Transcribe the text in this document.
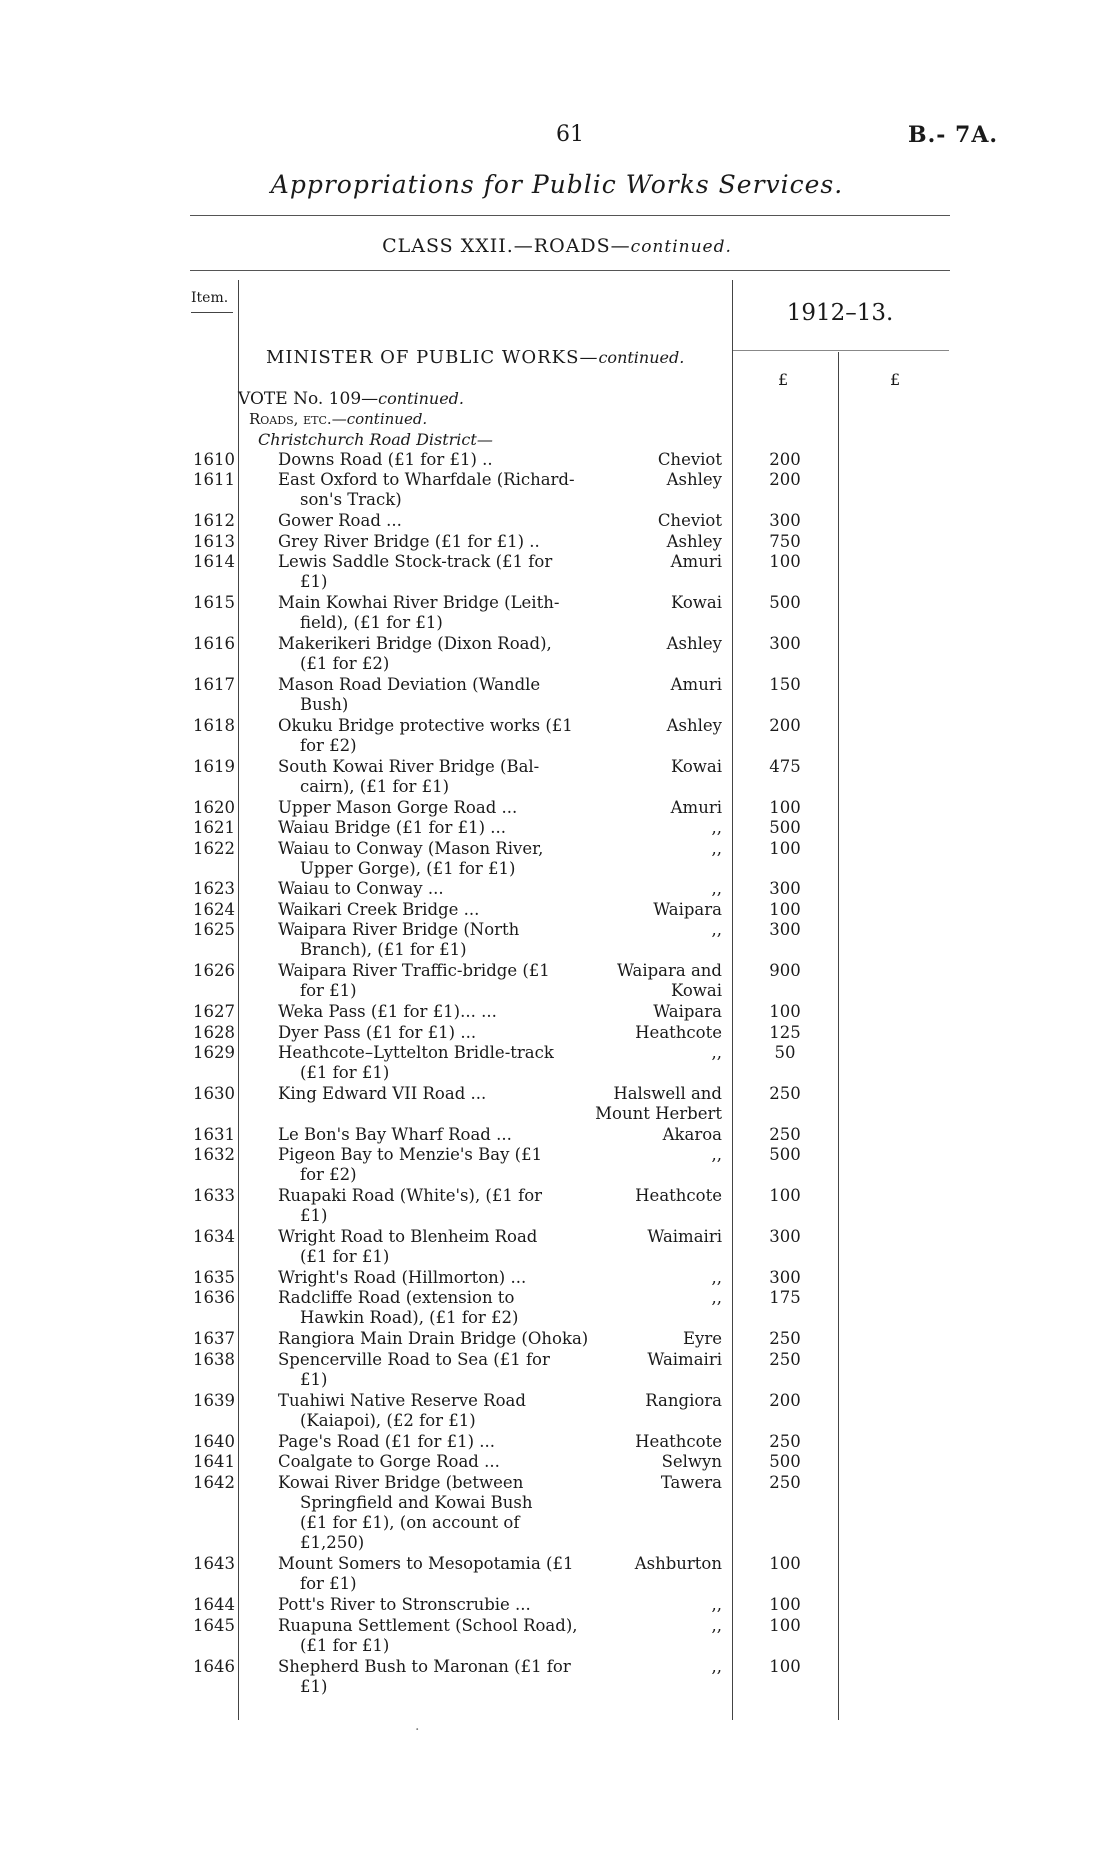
61	B.- 7A.
Appropriations for Public Works Services.
CLASS XXII.—ROADS—continued.
Item.
1912–13.
£	£
MINISTER OF PUBLIC WORKS—continued.
VOTE No. 109—continued.
Roads, etc.—continued.
Christchurch Road District—
1610	Downs Road (£1 for £1) ..	Cheviot	200
1611	East Oxford to Wharfdale (Richard-
son's Track)
Ashley	200
1612	Gower Road ...	Cheviot	300
1613	Grey River Bridge (£1 for £1) ..	Ashley	750
1614	Lewis Saddle Stock-track (£1 for
£1)
Amuri	100
1615	Main Kowhai River Bridge (Leith-
field), (£1 for £1)
Kowai	500
1616	Makerikeri Bridge (Dixon Road),
(£1 for £2)
Ashley	300
1617	Mason Road Deviation (Wandle
Bush)
Amuri	150
1618	Okuku Bridge protective works (£1
for £2)
Ashley	200
1619	South Kowai River Bridge (Bal-
cairn), (£1 for £1)
Kowai	475
1620	Upper Mason Gorge Road ...	Amuri	100
1621	Waiau Bridge (£1 for £1) ...	,,	500
1622	Waiau to Conway (Mason River,
Upper Gorge), (£1 for £1)
,,	100
1623	Waiau to Conway ...	,,	300
1624	Waikari Creek Bridge ...	Waipara	100
1625	Waipara River Bridge (North
Branch), (£1 for £1)
,,	300
1626	Waipara River Traffic-bridge (£1
for £1)
Waipara and
Kowai
900
1627	Weka Pass (£1 for £1)... ...	Waipara	100
1628	Dyer Pass (£1 for £1) ...	Heathcote	125
1629	Heathcote–Lyttelton Bridle-track
(£1 for £1)
,,	50
1630	King Edward VII Road ...	Halswell and
Mount Herbert
250
1631	Le Bon's Bay Wharf Road ...	Akaroa	250
1632	Pigeon Bay to Menzie's Bay (£1
for £2)
,,	500
1633	Ruapaki Road (White's), (£1 for
£1)
Heathcote	100
1634	Wright Road to Blenheim Road
(£1 for £1)
Waimairi	300
1635	Wright's Road (Hillmorton) ...	,,	300
1636	Radcliffe Road (extension to
Hawkin Road), (£1 for £2)
,,	175
1637	Rangiora Main Drain Bridge (Ohoka)	Eyre	250
1638	Spencerville Road to Sea (£1 for
£1)
Waimairi	250
1639	Tuahiwi Native Reserve Road
(Kaiapoi), (£2 for £1)
Rangiora	200
1640	Page's Road (£1 for £1) ...	Heathcote	250
1641	Coalgate to Gorge Road ...	Selwyn	500
1642	Kowai River Bridge (between
Springfield and Kowai Bush
(£1 for £1), (on account of
£1,250)
Tawera	250
1643	Mount Somers to Mesopotamia (£1
for £1)
Ashburton	100
1644	Pott's River to Stronscrubie ...	,,	100
1645	Ruapuna Settlement (School Road),
(£1 for £1)
,,	100
1646	Shepherd Bush to Maronan (£1 for
£1)
,,	100
·
